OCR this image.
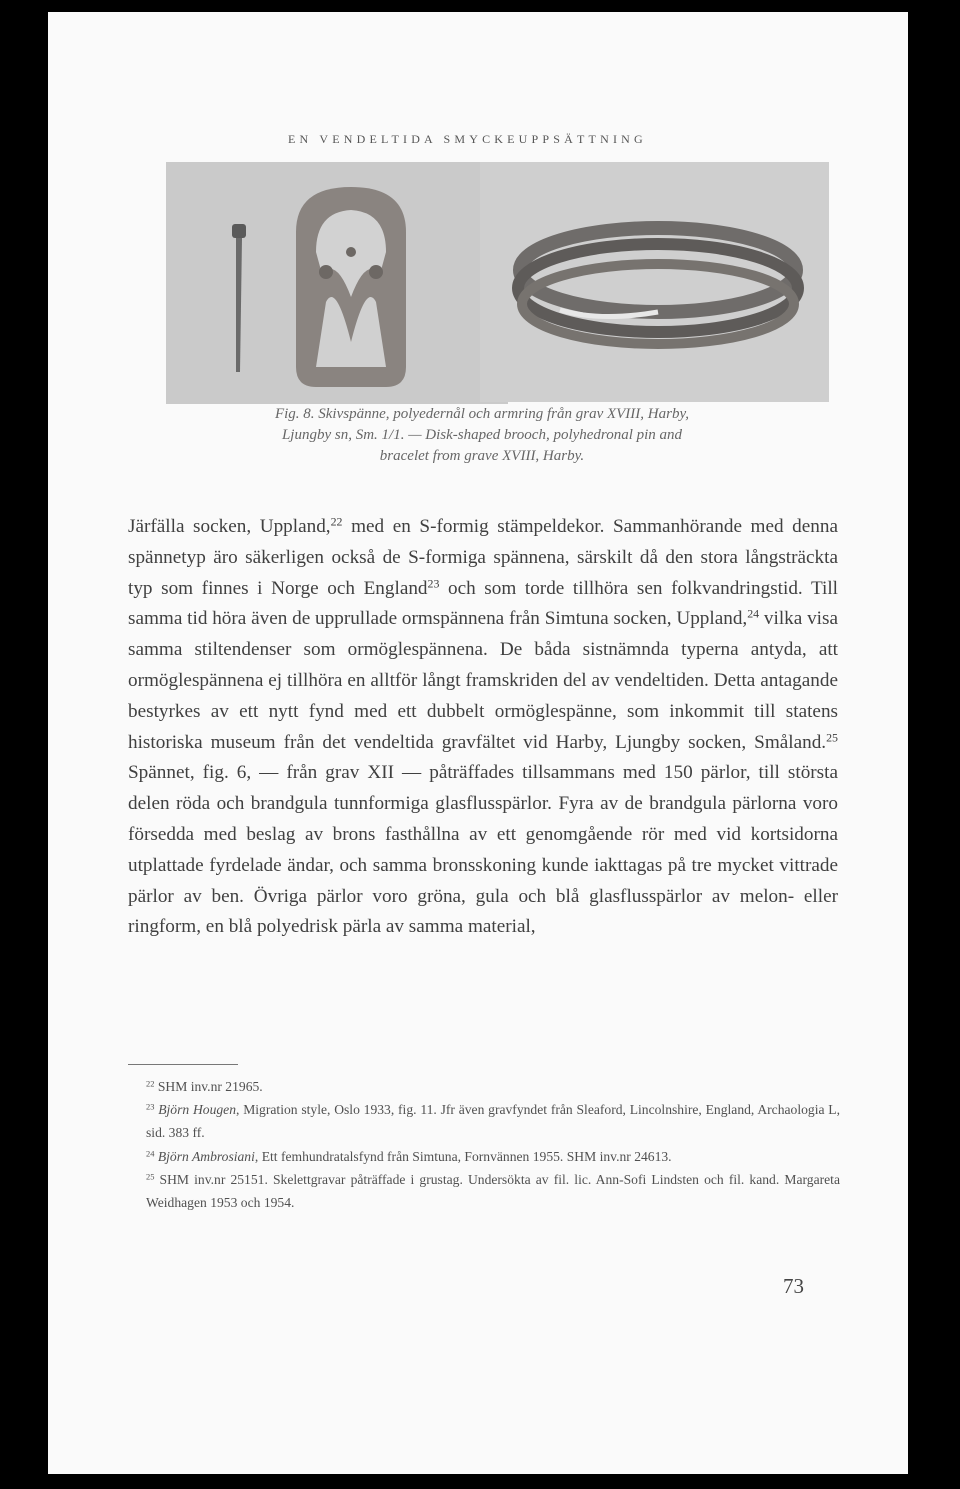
EN VENDELTIDA SMYCKEUPPSÄTTNING
Fig. 8. Skivspänne, polyedernål och armring från grav XVIII, Harby,
Ljungby sn, Sm. 1/1. — Disk-shaped brooch, polyhedronal pin and
bracelet from grave XVIII, Harby.

Järfälla socken, Uppland,$^{22}$ med en S-formig stämpeldekor. Sammanhörande med denna spännetyp äro säkerligen också de S-formiga spännena, särskilt då den stora långsträckta typ som finnes i Norge och England$^{23}$ och som torde tillhöra sen folkvandringstid. Till samma tid höra även de upprullade ormspännena från Simtuna socken, Uppland,$^{24}$ vilka visa samma stiltendenser som ormöglespännena. De båda sistnämnda typerna antyda, att ormöglespännena ej tillhöra en alltför långt framskriden del av vendeltiden. Detta antagande bestyrkes av ett nytt fynd med ett dubbelt ormöglespänne, som inkommit till statens historiska museum från det vendeltida gravfältet vid Harby, Ljungby socken, Småland.$^{25}$ Spännet, fig. 6, — från grav XII — påträffades tillsammans med 150 pärlor, till största delen röda och brandgula tunnformiga glasflusspärlor. Fyra av de brandgula pärlorna voro försedda med beslag av brons fasthållna av ett genomgående rör med vid kortsidorna utplattade fyrdelade ändar, och samma bronsskoning kunde iakttagas på tre mycket vittrade pärlor av ben. Övriga pärlor voro gröna, gula och blå glasflusspärlor av melon- eller ringform, en blå polyedrisk pärla av samma material,

$^{22}$ SHM inv.nr 21965.

$^{23}$ Björn Hougen, Migration style, Oslo 1933, fig. 11. Jfr även gravfyndet från Sleaford, Lincolnshire, England, Archaologia L, sid. 383 ff.

$^{24}$ Björn Ambrosiani, Ett femhundratalsfynd från Simtuna, Fornvännen 1955. SHM inv.nr 24613.

$^{25}$ SHM inv.nr 25151. Skelettgravar påträffade i grustag. Undersökta av fil. lic. Ann-Sofi Lindsten och fil. kand. Margareta Weidhagen 1953 och 1954.

73
